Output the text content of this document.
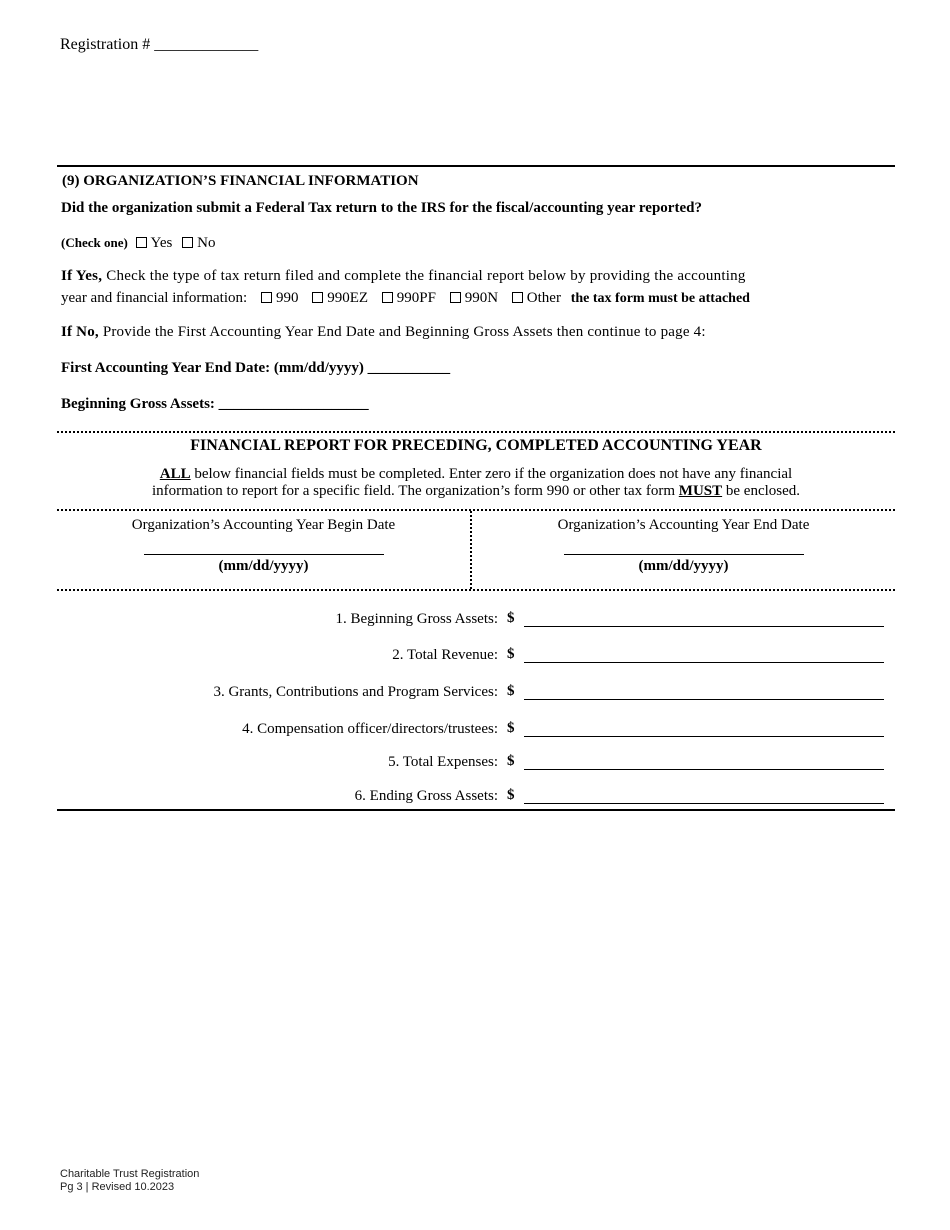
Registration # _____________
(9) ORGANIZATION’S FINANCIAL INFORMATION
Did the organization submit a Federal Tax return to the IRS for the fiscal/accounting year reported?
(Check one) Yes No
If Yes, Check the type of tax return filed and complete the financial report below by providing the accounting
year and financial information: 990 990EZ 990PF 990N Other the tax form must be attached
If No, Provide the First Accounting Year End Date and Beginning Gross Assets then continue to page 4:
First Accounting Year End Date: (mm/dd/yyyy) ___________
Beginning Gross Assets: ____________________
FINANCIAL REPORT FOR PRECEDING, COMPLETED ACCOUNTING YEAR
ALL below financial fields must be completed. Enter zero if the organization does not have any financial
information to report for a specific field. The organization’s form 990 or other tax form MUST be enclosed.
Organization’s Accounting Year Begin Date
(mm/dd/yyyy)
Organization’s Accounting Year End Date
(mm/dd/yyyy)
1. Beginning Gross Assets: $
2. Total Revenue: $
3. Grants, Contributions and Program Services: $
4. Compensation officer/directors/trustees: $
5. Total Expenses: $
6. Ending Gross Assets: $
Charitable Trust Registration
Pg 3 | Revised 10.2023
